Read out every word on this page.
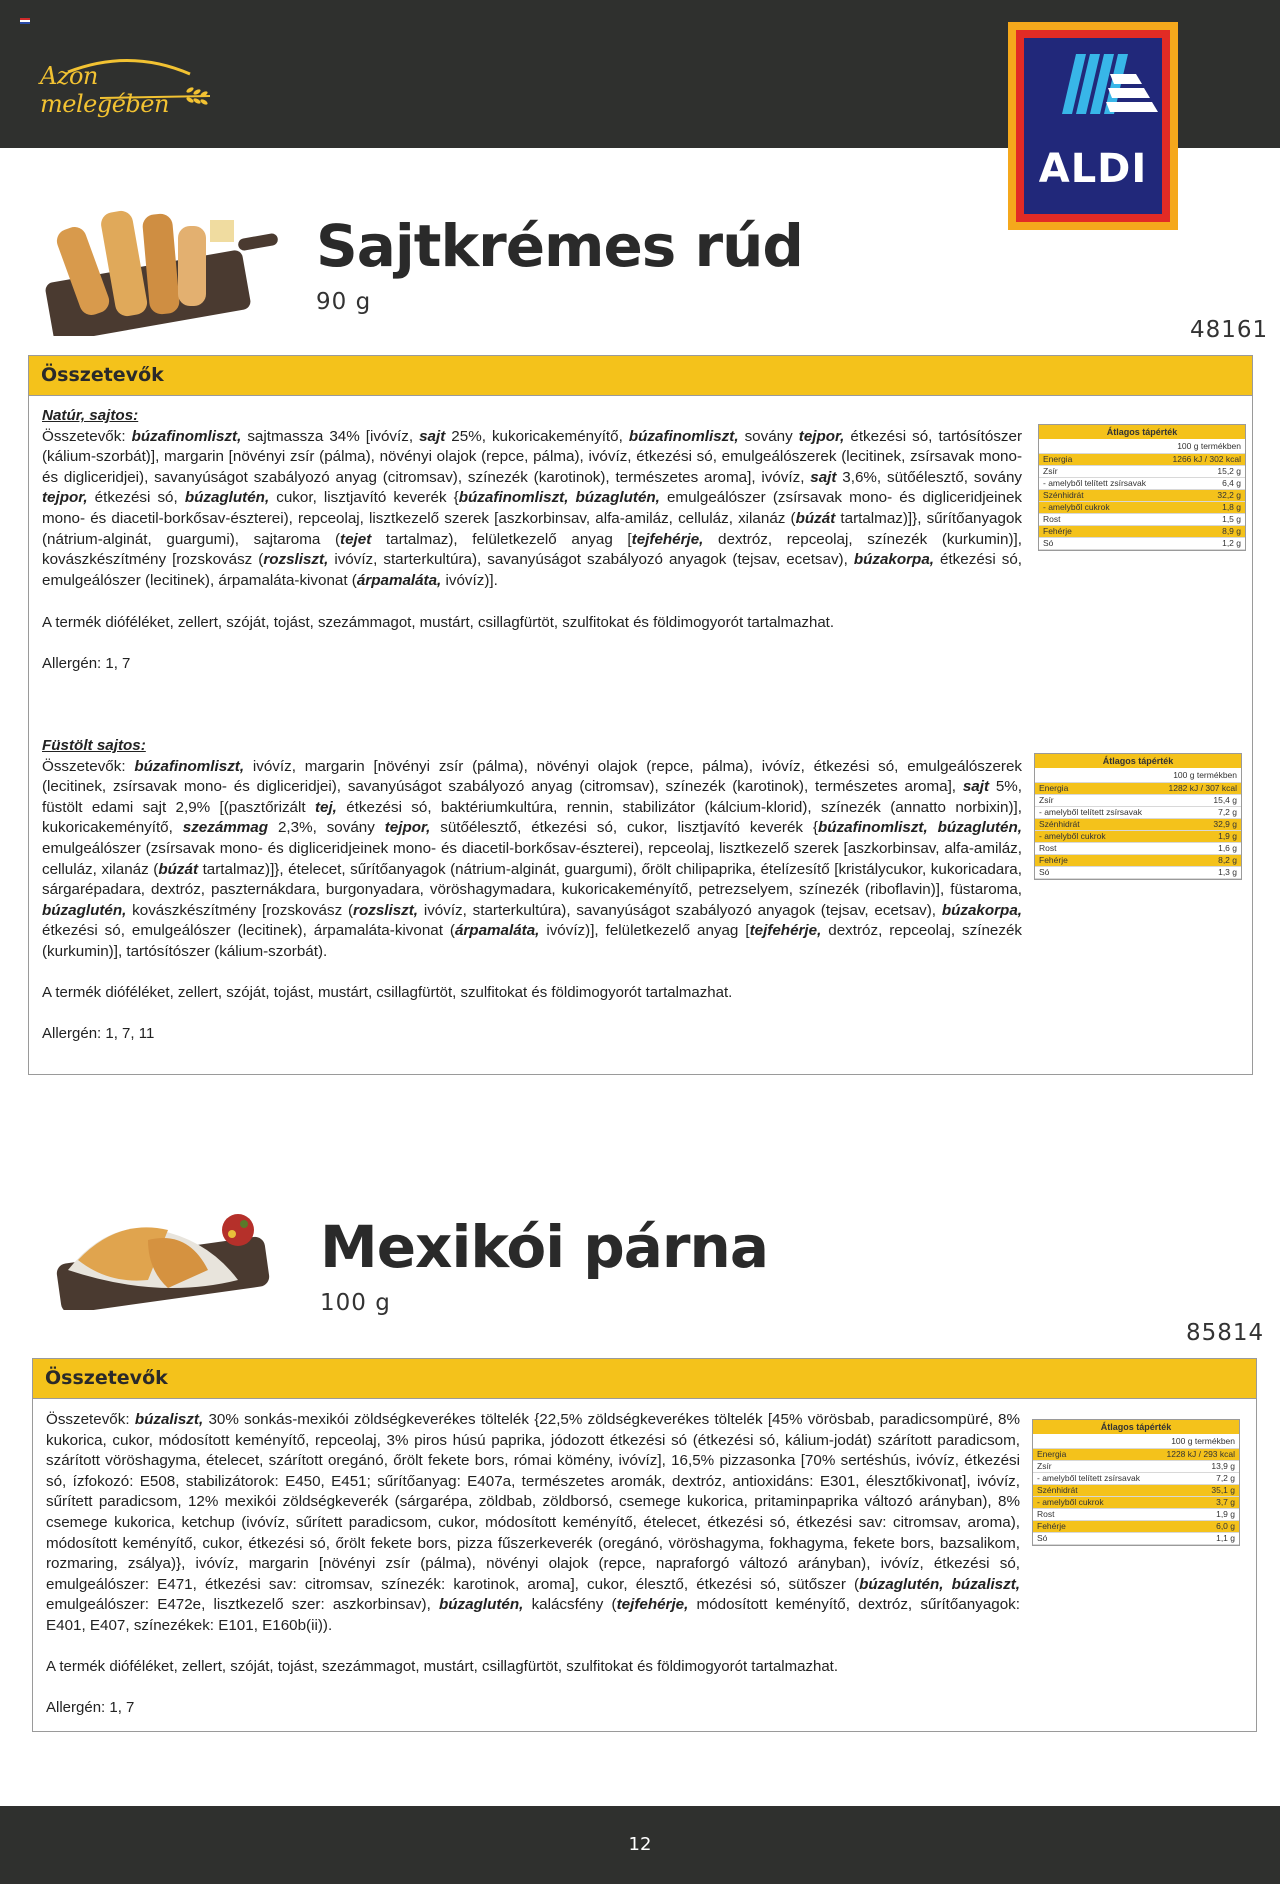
Azon melegében
ALDI
Sajtkrémes rúd
90 g
48161
Összetevők
Natúr, sajtos:
Összetevők: búzafinomliszt, sajtmassza 34% [ivóvíz, sajt 25%, kukoricakeményítő, búzafinomliszt, sovány tejpor, étkezési só, tartósítószer (kálium-szorbát)], margarin [növényi zsír (pálma), növényi olajok (repce, pálma), ivóvíz, étkezési só, emulgeálószerek (lecitinek, zsírsavak mono- és digliceridjei), savanyúságot szabályozó anyag (citromsav), színezék (karotinok), természetes aroma], ivóvíz, sajt 3,6%, sütőélesztő, sovány tejpor, étkezési só, búzaglutén, cukor, lisztjavító keverék {búzafinomliszt, búzaglutén, emulgeálószer (zsírsavak mono- és digliceridjeinek mono- és diacetil-borkősav-észterei), repceolaj, lisztkezelő szerek [aszkorbinsav, alfa-amiláz, celluláz, xilanáz (búzát tartalmaz)]}, sűrítőanyagok (nátrium-alginát, guargumi), sajtaroma (tejet tartalmaz), felületkezelő anyag [tejfehérje, dextróz, repceolaj, színezék (kurkumin)], kovászkészítmény [rozskovász (rozsliszt, ivóvíz, starterkultúra), savanyúságot szabályozó anyagok (tejsav, ecetsav), búzakorpa, étkezési só, emulgeálószer (lecitinek), árpamaláta-kivonat (árpamaláta, ivóvíz)].
A termék dióféléket, zellert, szóját, tojást, szezámmagot, mustárt, csillagfürtöt, szulfitokat és földimogyorót tartalmazhat.
Allergén: 1, 7
Átlagos tápérték
100 g termékben
Energia	1266 kJ / 302 kcal
Zsír	15,2 g
- amelyből telített zsírsavak	6,4 g
Szénhidrát	32,2 g
- amelyből cukrok	1,8 g
Rost	1,5 g
Fehérje	8,9 g
Só	1,2 g
Füstölt sajtos:
Összetevők: búzafinomliszt, ivóvíz, margarin [növényi zsír (pálma), növényi olajok (repce, pálma), ivóvíz, étkezési só, emulgeálószerek (lecitinek, zsírsavak mono- és digliceridjei), savanyúságot szabályozó anyag (citromsav), színezék (karotinok), természetes aroma], sajt 5%, füstölt edami sajt 2,9% [(pasztőrizált tej, étkezési só, baktériumkultúra, rennin, stabilizátor (kálcium-klorid), színezék (annatto norbixin)], kukoricakeményítő, szezámmag 2,3%, sovány tejpor, sütőélesztő, étkezési só, cukor, lisztjavító keverék {búzafinomliszt, búzaglutén, emulgeálószer (zsírsavak mono- és digliceridjeinek mono- és diacetil-borkősav-észterei), repceolaj, lisztkezelő szerek [aszkorbinsav, alfa-amiláz, celluláz, xilanáz (búzát tartalmaz)]}, ételecet, sűrítőanyagok (nátrium-alginát, guargumi), őrölt chilipaprika, ételízesítő [kristálycukor, kukoricadara, sárgarépadara, dextróz, paszternákdara, burgonyadara, vöröshagymadara, kukoricakeményítő, petrezselyem, színezék (riboflavin)], füstaroma, búzaglutén, kovászkészítmény [rozskovász (rozsliszt, ivóvíz, starterkultúra), savanyúságot szabályozó anyagok (tejsav, ecetsav), búzakorpa, étkezési só, emulgeálószer (lecitinek), árpamaláta-kivonat (árpamaláta, ivóvíz)], felületkezelő anyag [tejfehérje, dextróz, repceolaj, színezék (kurkumin)], tartósítószer (kálium-szorbát).
A termék dióféléket, zellert, szóját, tojást, mustárt, csillagfürtöt, szulfitokat és földimogyorót tartalmazhat.
Allergén: 1, 7, 11
Átlagos tápérték
100 g termékben
Energia	1282 kJ / 307 kcal
Zsír	15,4 g
- amelyből telített zsírsavak	7,2 g
Szénhidrát	32,9 g
- amelyből cukrok	1,9 g
Rost	1,6 g
Fehérje	8,2 g
Só	1,3 g
Mexikói párna
100 g
85814
Összetevők
Összetevők: búzaliszt, 30% sonkás-mexikói zöldségkeverékes töltelék {22,5% zöldségkeverékes töltelék [45% vörösbab, paradicsompüré, 8% kukorica, cukor, módosított keményítő, repceolaj, 3% piros húsú paprika, jódozott étkezési só (étkezési só, kálium-jodát) szárított paradicsom, szárított vöröshagyma, ételecet, szárított oregánó, őrölt fekete bors, római kömény, ivóvíz], 16,5% pizzasonka [70% sertéshús, ivóvíz, étkezési só, ízfokozó: E508, stabilizátorok: E450, E451; sűrítőanyag: E407a, természetes aromák, dextróz, antioxidáns: E301, élesztőkivonat], ivóvíz, sűrített paradicsom, 12% mexikói zöldségkeverék (sárgarépa, zöldbab, zöldborsó, csemege kukorica, pritaminpaprika változó arányban), 8% csemege kukorica, ketchup (ivóvíz, sűrített paradicsom, cukor, módosított keményítő, ételecet, étkezési só, étkezési sav: citromsav, aroma), módosított keményítő, cukor, étkezési só, őrölt fekete bors, pizza fűszerkeverék (oregánó, vöröshagyma, fokhagyma, fekete bors, bazsalikom, rozmaring, zsálya)}, ivóvíz, margarin [növényi zsír (pálma), növényi olajok (repce, napraforgó változó arányban), ivóvíz, étkezési só, emulgeálószer: E471, étkezési sav: citromsav, színezék: karotinok, aroma], cukor, élesztő, étkezési só, sütőszer (búzaglutén, búzaliszt, emulgeálószer: E472e, lisztkezelő szer: aszkorbinsav), búzaglutén, kalácsfény (tejfehérje, módosított keményítő, dextróz, sűrítőanyagok: E401, E407, színezékek: E101, E160b(ii)).
A termék dióféléket, zellert, szóját, tojást, szezámmagot, mustárt, csillagfürtöt, szulfitokat és földimogyorót tartalmazhat.
Allergén: 1, 7
Átlagos tápérték
100 g termékben
Energia	1228 kJ / 293 kcal
Zsír	13,9 g
- amelyből telített zsírsavak	7,2 g
Szénhidrát	35,1 g
- amelyből cukrok	3,7 g
Rost	1,9 g
Fehérje	6,0 g
Só	1,1 g
12
